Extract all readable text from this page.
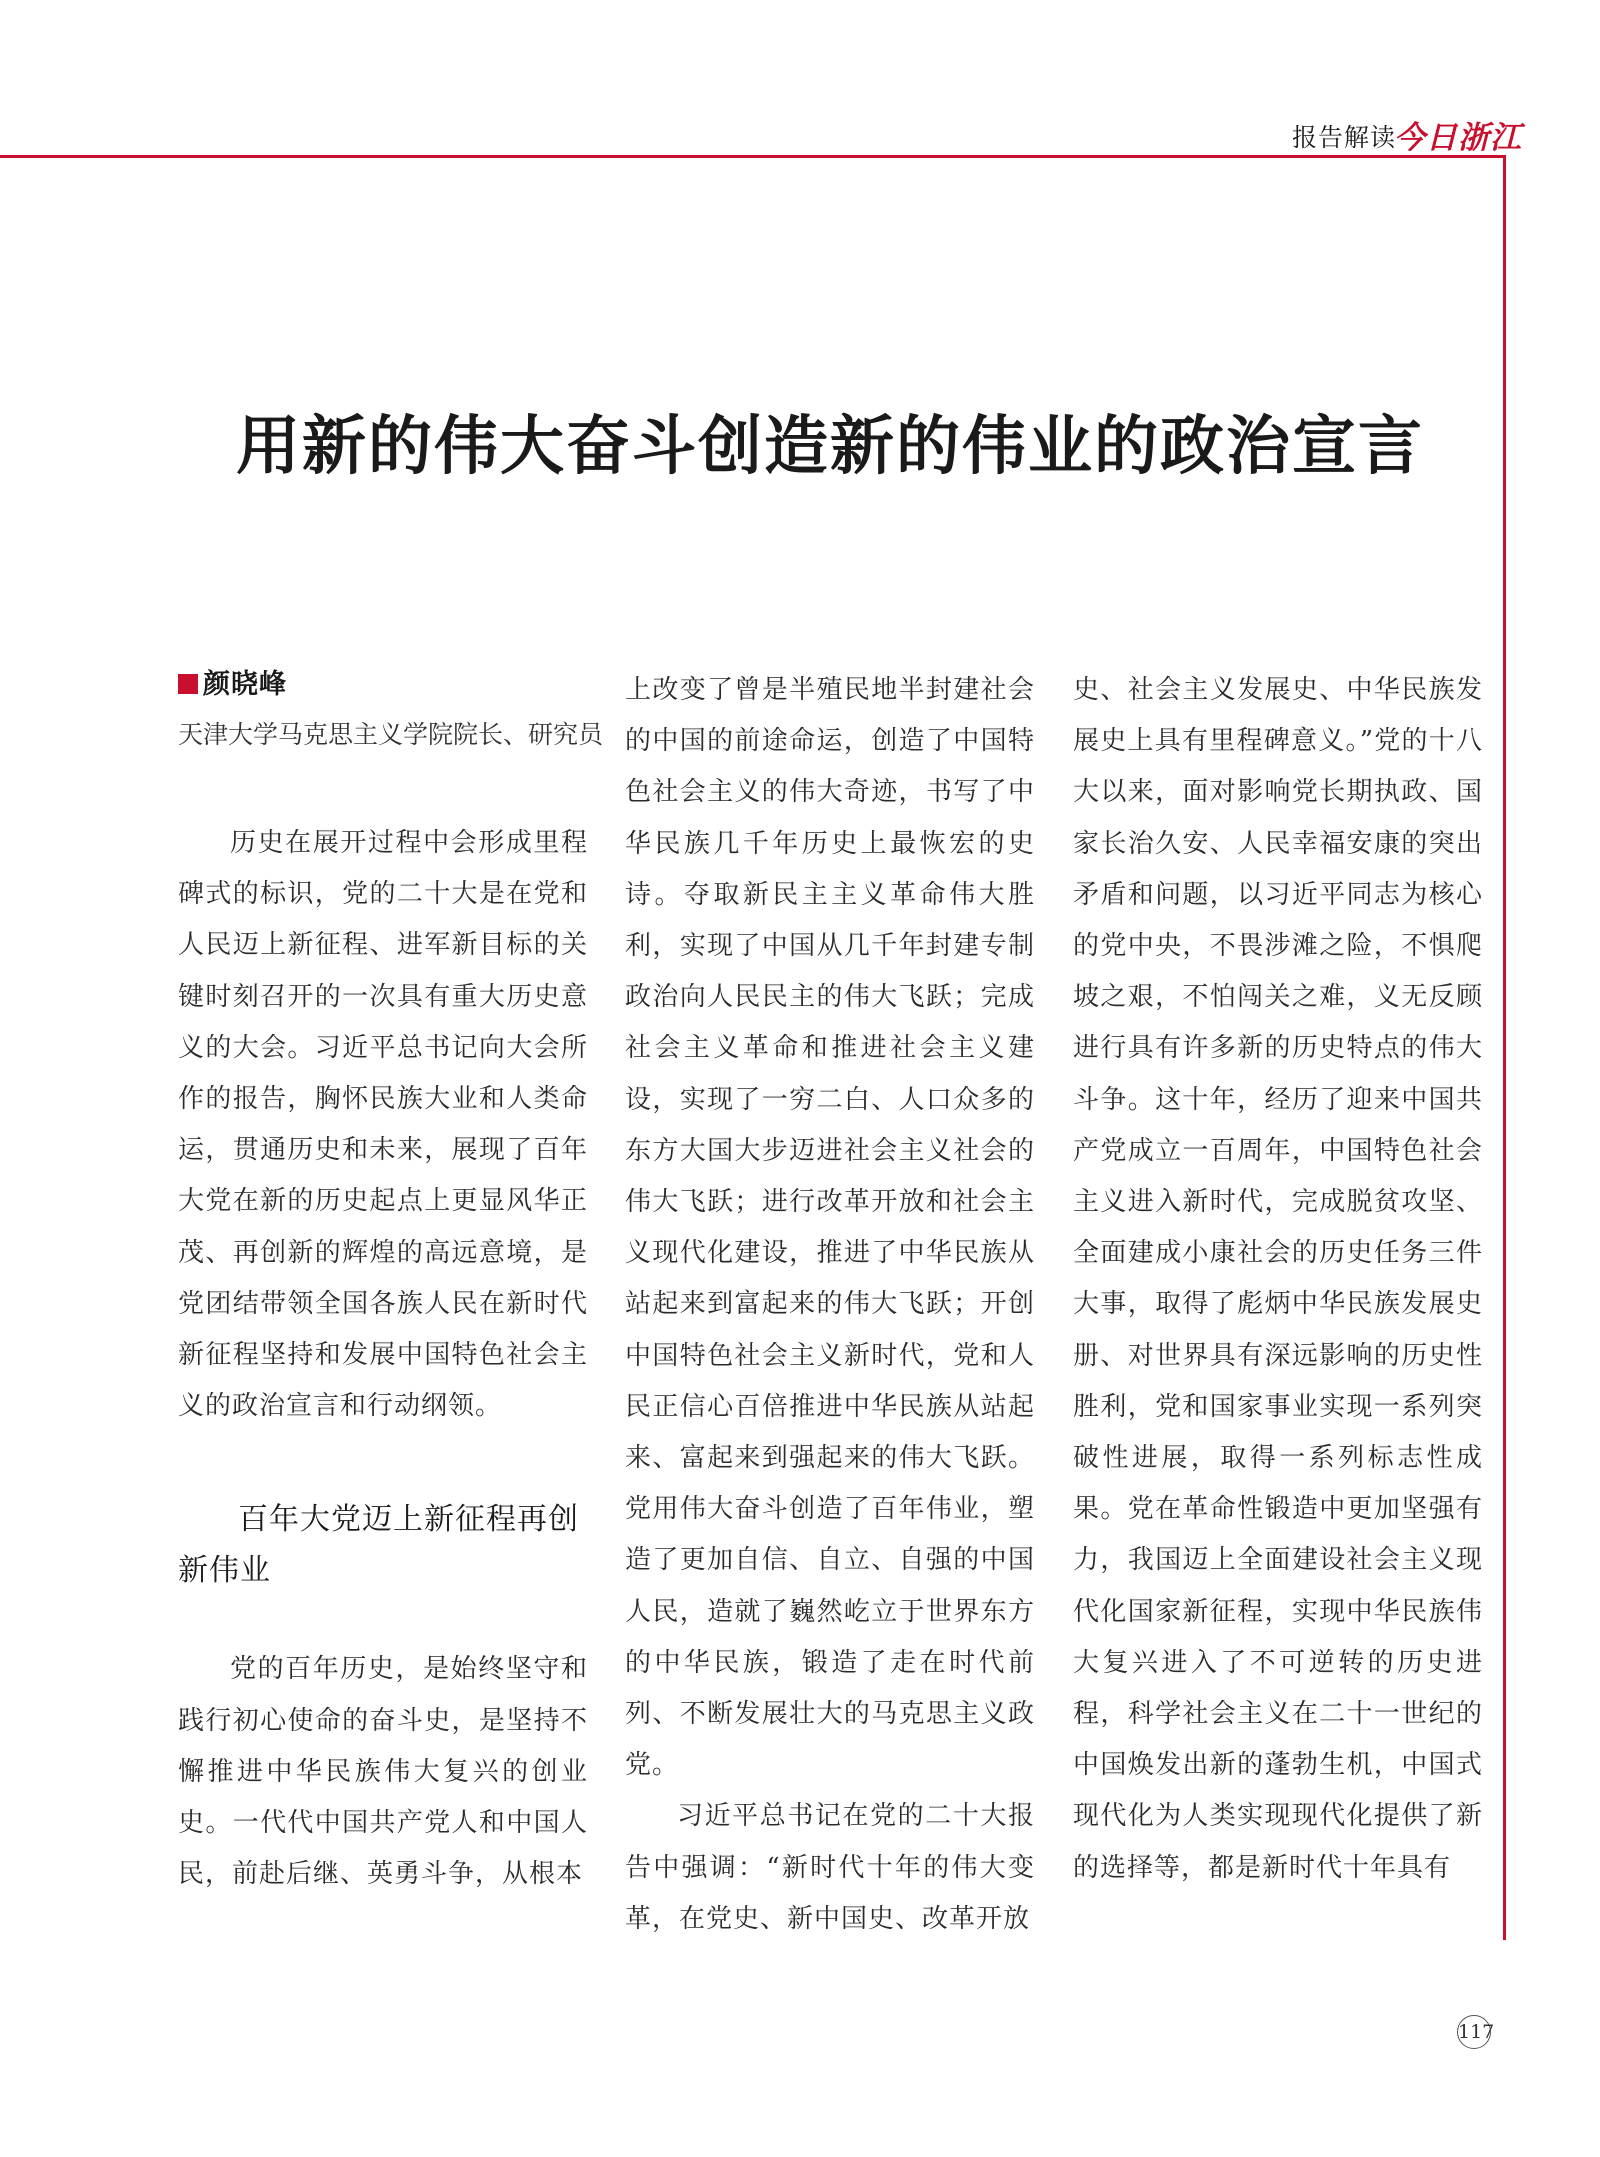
报告解读
今日浙江
用新的伟大奋斗创造新的伟业的政治宣言
颜晓峰
天津大学马克思主义学院院长、研究员

历史在展开过程中会形成里程碑式的标识，党的二十大是在党和人民迈上新征程、进军新目标的关键时刻召开的一次具有重大历史意义的大会。习近平总书记向大会所作的报告，胸怀民族大业和人类命运，贯通历史和未来，展现了百年大党在新的历史起点上更显风华正茂、再创新的辉煌的高远意境，是党团结带领全国各族人民在新时代新征程坚持和发展中国特色社会主义的政治宣言和行动纲领。

百年大党迈上新征程再创新伟业

党的百年历史，是始终坚守和践行初心使命的奋斗史，是坚持不懈推进中华民族伟大复兴的创业史。一代代中国共产党人和中国人民，前赴后继、英勇斗争，从根本

上改变了曾是半殖民地半封建社会的中国的前途命运，创造了中国特色社会主义的伟大奇迹，书写了中华民族几千年历史上最恢宏的史诗。夺取新民主主义革命伟大胜利，实现了中国从几千年封建专制政治向人民民主的伟大飞跃；完成社会主义革命和推进社会主义建设，实现了一穷二白、人口众多的东方大国大步迈进社会主义社会的伟大飞跃；进行改革开放和社会主义现代化建设，推进了中华民族从站起来到富起来的伟大飞跃；开创中国特色社会主义新时代，党和人民正信心百倍推进中华民族从站起来、富起来到强起来的伟大飞跃。党用伟大奋斗创造了百年伟业，塑造了更加自信、自立、自强的中国人民，造就了巍然屹立于世界东方的中华民族，锻造了走在时代前列、不断发展壮大的马克思主义政党。

习近平总书记在党的二十大报告中强调：“新时代十年的伟大变革，在党史、新中国史、改革开放

史、社会主义发展史、中华民族发展史上具有里程碑意义。”党的十八大以来，面对影响党长期执政、国家长治久安、人民幸福安康的突出矛盾和问题，以习近平同志为核心的党中央，不畏涉滩之险，不惧爬坡之艰，不怕闯关之难，义无反顾进行具有许多新的历史特点的伟大斗争。这十年，经历了迎来中国共产党成立一百周年，中国特色社会主义进入新时代，完成脱贫攻坚、全面建成小康社会的历史任务三件大事，取得了彪炳中华民族发展史册、对世界具有深远影响的历史性胜利，党和国家事业实现一系列突破性进展，取得一系列标志性成果。党在革命性锻造中更加坚强有力，我国迈上全面建设社会主义现代化国家新征程，实现中华民族伟大复兴进入了不可逆转的历史进程，科学社会主义在二十一世纪的中国焕发出新的蓬勃生机，中国式现代化为人类实现现代化提供了新的选择等，都是新时代十年具有

117
